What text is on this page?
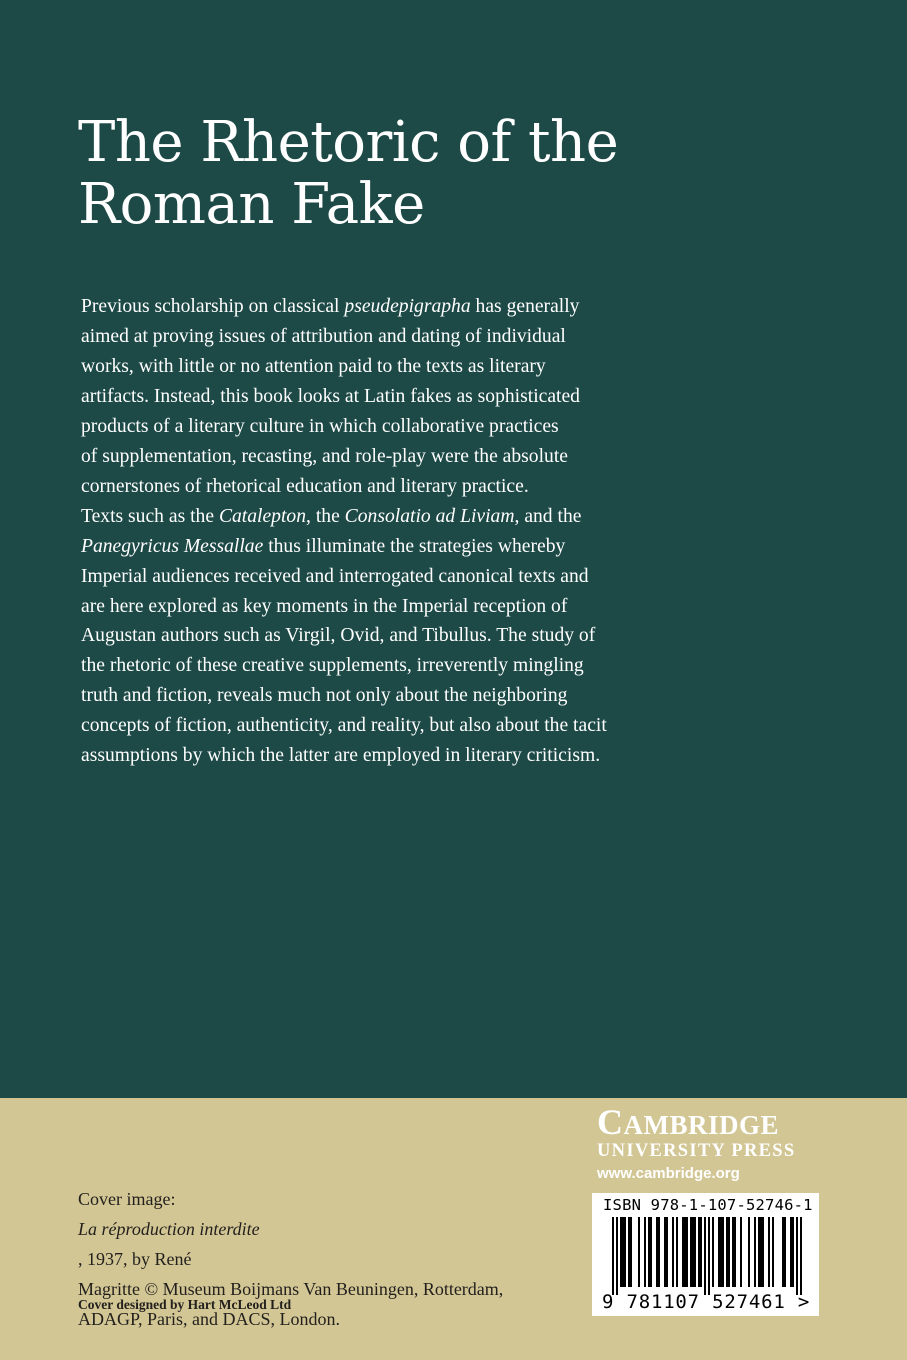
The Rhetoric of the
Roman Fake
Previous scholarship on classical pseudepigrapha has generally
aimed at proving issues of attribution and dating of individual
works, with little or no attention paid to the texts as literary
artifacts. Instead, this book looks at Latin fakes as sophisticated
products of a literary culture in which collaborative practices
of supplementation, recasting, and role-play were the absolute
cornerstones of rhetorical education and literary practice.
Texts such as the Catalepton, the Consolatio ad Liviam, and the
Panegyricus Messallae thus illuminate the strategies whereby
Imperial audiences received and interrogated canonical texts and
are here explored as key moments in the Imperial reception of
Augustan authors such as Virgil, Ovid, and Tibullus. The study of
the rhetoric of these creative supplements, irreverently mingling
truth and fiction, reveals much not only about the neighboring
concepts of fiction, authenticity, and reality, but also about the tacit
assumptions by which the latter are employed in literary criticism.
CAMBRIDGE
UNIVERSITY PRESS
www.cambridge.org
Cover image:
La réproduction interdite
, 1937, by René
Magritte © Museum Boijmans Van Beuningen, Rotterdam,
ADAGP, Paris, and DACS, London.
Cover designed by Hart McLeod Ltd
ISBN 978-1-107-52746-1
9 781107 527461 >
